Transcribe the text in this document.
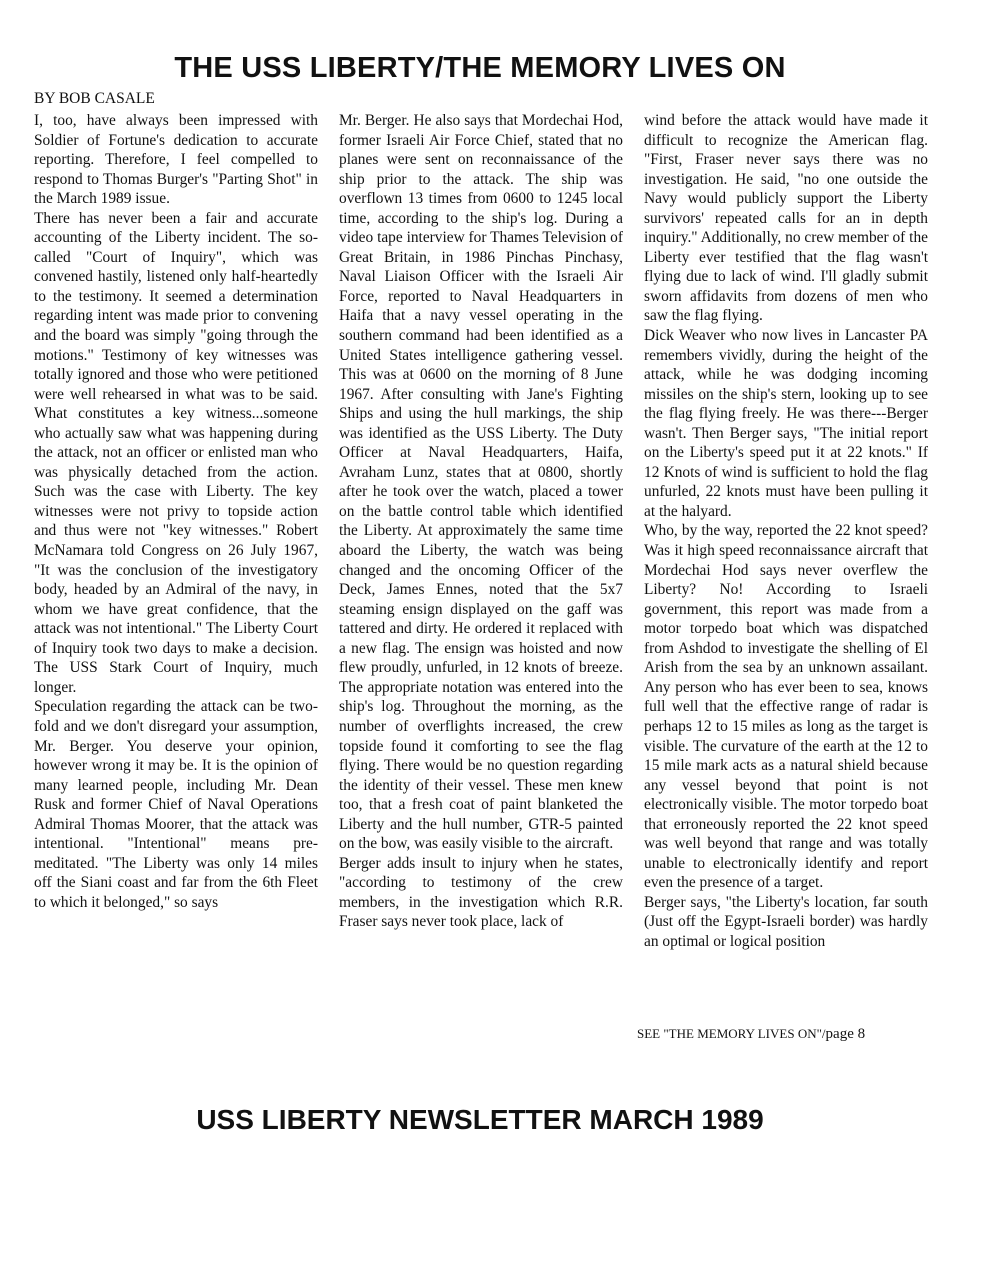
THE USS LIBERTY/THE MEMORY LIVES ON

BY BOB CASALE

I, too, have always been impressed with Soldier of Fortune's dedication to accurate reporting. Therefore, I feel compelled to respond to Thomas Burger's "Parting Shot" in the March 1989 issue.

There has never been a fair and accurate accounting of the Liberty incident. The so-called "Court of Inquiry", which was convened hastily, listened only half-heartedly to the testimony. It seemed a determination regarding intent was made prior to convening and the board was simply "going through the motions." Testimony of key witnesses was totally ignored and those who were petitioned were well rehearsed in what was to be said. What constitutes a key witness...someone who actually saw what was happening during the attack, not an officer or enlisted man who was physically detached from the action. Such was the case with Liberty. The key witnesses were not privy to topside action and thus were not "key witnesses." Robert McNamara told Congress on 26 July 1967, "It was the conclusion of the investigatory body, headed by an Admiral of the navy, in whom we have great confidence, that the attack was not intentional." The Liberty Court of Inquiry took two days to make a decision. The USS Stark Court of Inquiry, much longer.

Speculation regarding the attack can be two-fold and we don't disregard your assumption, Mr. Berger. You deserve your opinion, however wrong it may be. It is the opinion of many learned people, including Mr. Dean Rusk and former Chief of Naval Operations Admiral Thomas Moorer, that the attack was intentional. "Intentional" means pre-meditated. "The Liberty was only 14 miles off the Siani coast and far from the 6th Fleet to which it belonged," so says

Mr. Berger. He also says that Mordechai Hod, former Israeli Air Force Chief, stated that no planes were sent on reconnaissance of the ship prior to the attack. The ship was overflown 13 times from 0600 to 1245 local time, according to the ship's log. During a video tape interview for Thames Television of Great Britain, in 1986 Pinchas Pinchasy, Naval Liaison Officer with the Israeli Air Force, reported to Naval Headquarters in Haifa that a navy vessel operating in the southern command had been identified as a United States intelligence gathering vessel. This was at 0600 on the morning of 8 June 1967. After consulting with Jane's Fighting Ships and using the hull markings, the ship was identified as the USS Liberty. The Duty Officer at Naval Headquarters, Haifa, Avraham Lunz, states that at 0800, shortly after he took over the watch, placed a tower on the battle control table which identified the Liberty. At approximately the same time aboard the Liberty, the watch was being changed and the oncoming Officer of the Deck, James Ennes, noted that the 5x7 steaming ensign displayed on the gaff was tattered and dirty. He ordered it replaced with a new flag. The ensign was hoisted and now flew proudly, unfurled, in 12 knots of breeze. The appropriate notation was entered into the ship's log. Throughout the morning, as the number of overflights increased, the crew topside found it comforting to see the flag flying. There would be no question regarding the identity of their vessel. These men knew too, that a fresh coat of paint blanketed the Liberty and the hull number, GTR-5 painted on the bow, was easily visible to the aircraft.

Berger adds insult to injury when he states, "according to testimony of the crew members, in the investigation which R.R. Fraser says never took place, lack of

wind before the attack would have made it difficult to recognize the American flag. "First, Fraser never says there was no investigation. He said, "no one outside the Navy would publicly support the Liberty survivors' repeated calls for an in depth inquiry." Additionally, no crew member of the Liberty ever testified that the flag wasn't flying due to lack of wind. I'll gladly submit sworn affidavits from dozens of men who saw the flag flying.

Dick Weaver who now lives in Lancaster PA remembers vividly, during the height of the attack, while he was dodging incoming missiles on the ship's stern, looking up to see the flag flying freely. He was there---Berger wasn't. Then Berger says, "The initial report on the Liberty's speed put it at 22 knots." If 12 Knots of wind is sufficient to hold the flag unfurled, 22 knots must have been pulling it at the halyard.

Who, by the way, reported the 22 knot speed? Was it high speed reconnaissance aircraft that Mordechai Hod says never overflew the Liberty? No! According to Israeli government, this report was made from a motor torpedo boat which was dispatched from Ashdod to investigate the shelling of El Arish from the sea by an unknown assailant. Any person who has ever been to sea, knows full well that the effective range of radar is perhaps 12 to 15 miles as long as the target is visible. The curvature of the earth at the 12 to 15 mile mark acts as a natural shield because any vessel beyond that point is not electronically visible. The motor torpedo boat that erroneously reported the 22 knot speed was well beyond that range and was totally unable to electronically identify and report even the presence of a target.

Berger says, "the Liberty's location, far south (Just off the Egypt-Israeli border) was hardly an optimal or logical position

SEE "THE MEMORY LIVES ON"/page 8

USS LIBERTY NEWSLETTER MARCH 1989
